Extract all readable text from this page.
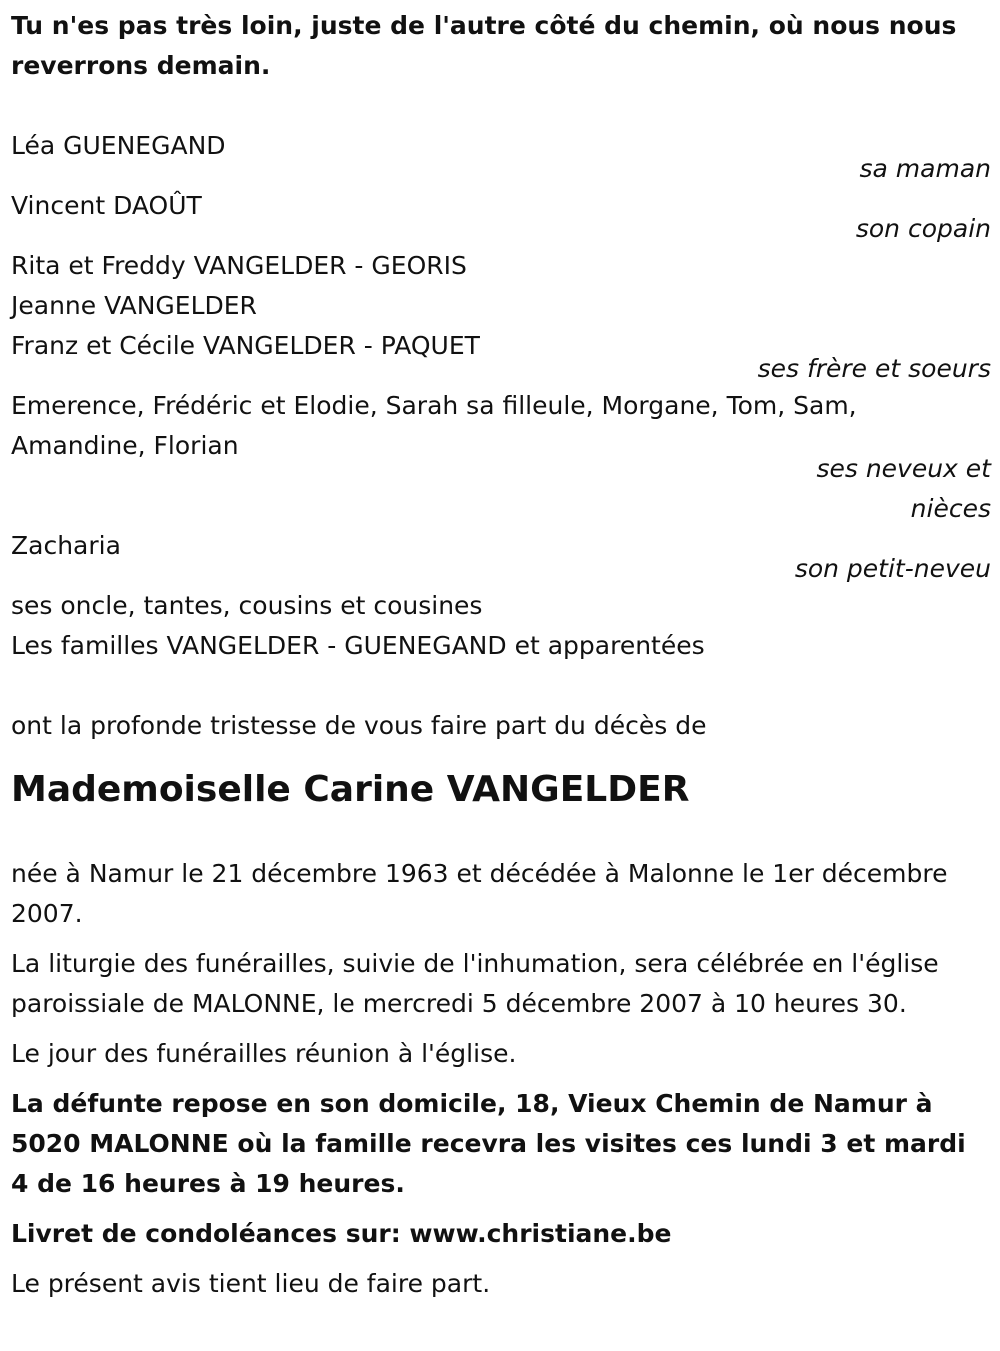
Tu n'es pas très loin, juste de l'autre côté du chemin, où nous nous reverrons demain.

Léa GUENEGAND
sa maman
Vincent DAOÛT
son copain
Rita et Freddy VANGELDER - GEORIS
Jeanne VANGELDER
Franz et Cécile VANGELDER - PAQUET
ses frère et soeurs
Emerence, Frédéric et Elodie, Sarah sa filleule, Morgane, Tom, Sam, Amandine, Florian
ses neveux et nièces
Zacharia
son petit-neveu
ses oncle, tantes, cousins et cousines
Les familles VANGELDER - GUENEGAND et apparentées

ont la profonde tristesse de vous faire part du décès de

Mademoiselle Carine VANGELDER

née à Namur le 21 décembre 1963 et décédée à Malonne le 1er décembre 2007.

La liturgie des funérailles, suivie de l'inhumation, sera célébrée en l'église paroissiale de MALONNE, le mercredi 5 décembre 2007 à 10 heures 30.

Le jour des funérailles réunion à l'église.

La défunte repose en son domicile, 18, Vieux Chemin de Namur à 5020 MALONNE où la famille recevra les visites ces lundi 3 et mardi 4 de 16 heures à 19 heures.

Livret de condoléances sur: www.christiane.be

Le présent avis tient lieu de faire part.
